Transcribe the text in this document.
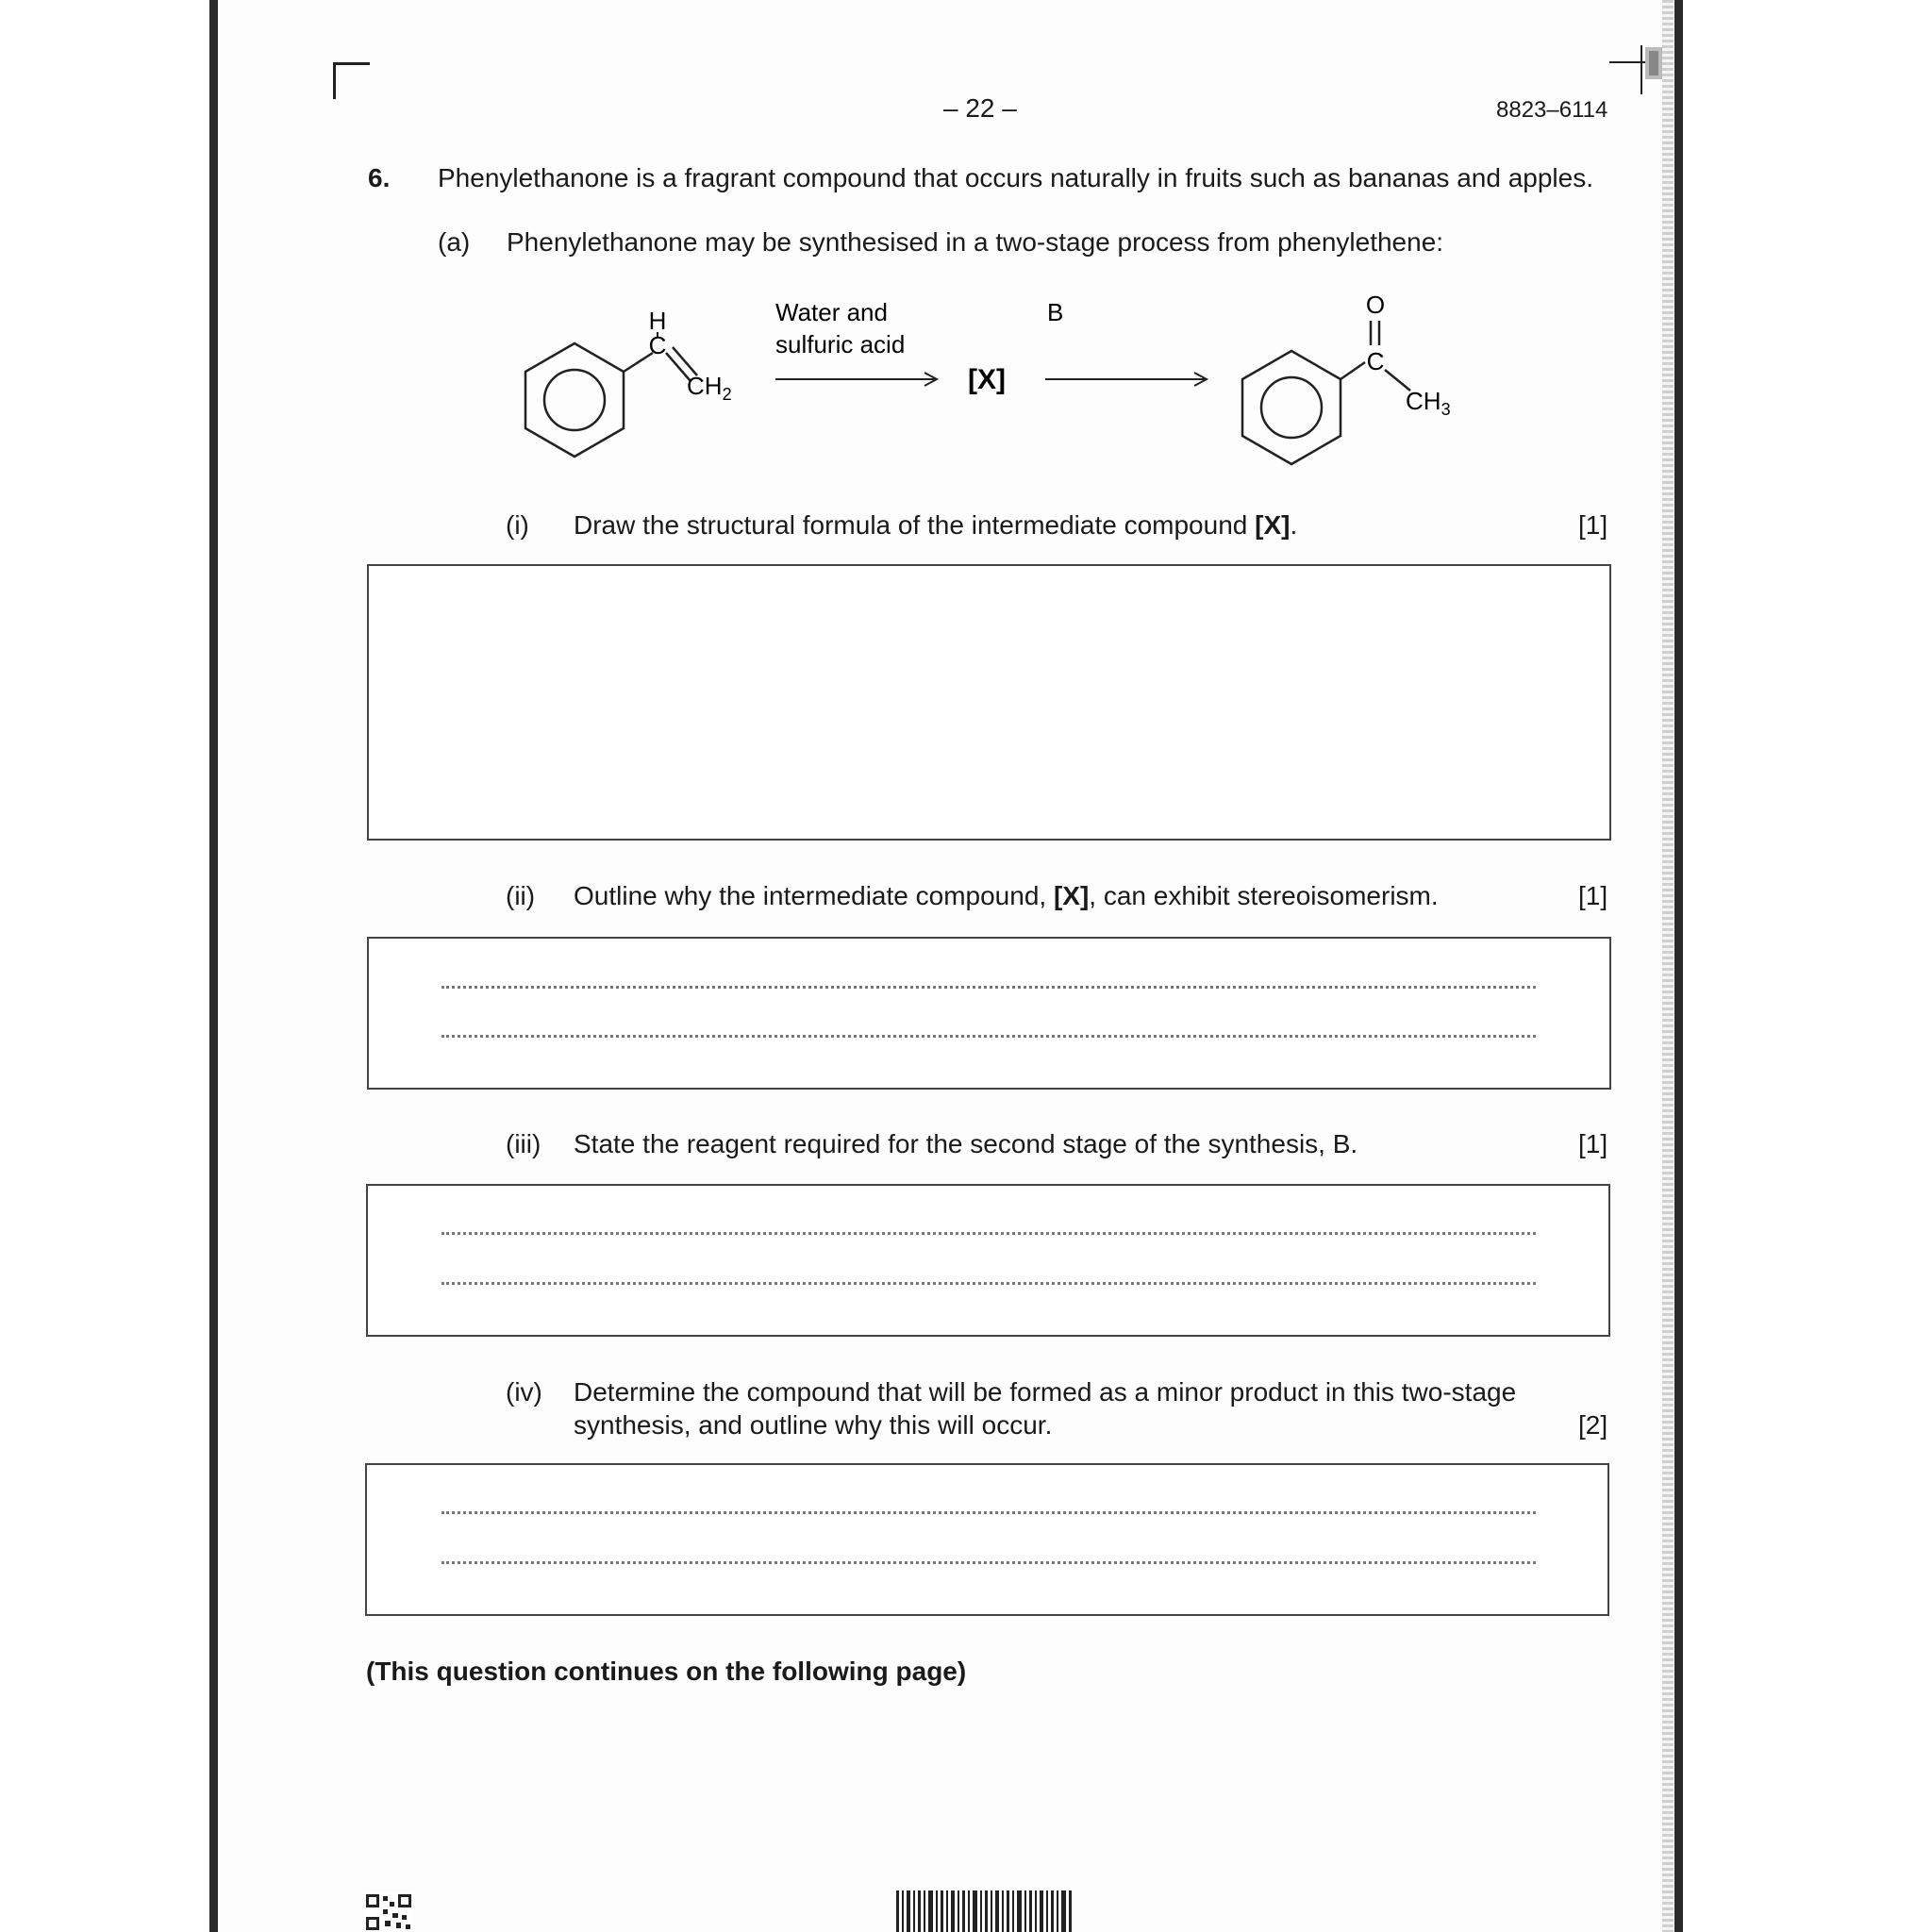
– 22 –	8823–6114
6. Phenylethanone is a fragrant compound that occurs naturally in fruits such as bananas and apples.
(a) Phenylethanone may be synthesised in a two-stage process from phenylethene:
H
C
$CH_2$
Water and
sulfuric acid
[X]
B	O
C
$CH_3$
(i) Draw the structural formula of the intermediate compound [X].	[1]
(ii) Outline why the intermediate compound, [X], can exhibit stereoisomerism.	[1]
(iii) State the reagent required for the second stage of the synthesis, B.	[1]
(iv) Determine the compound that will be formed as a minor product in this two-stage
synthesis, and outline why this will occur.	[2]
(This question continues on the following page)
